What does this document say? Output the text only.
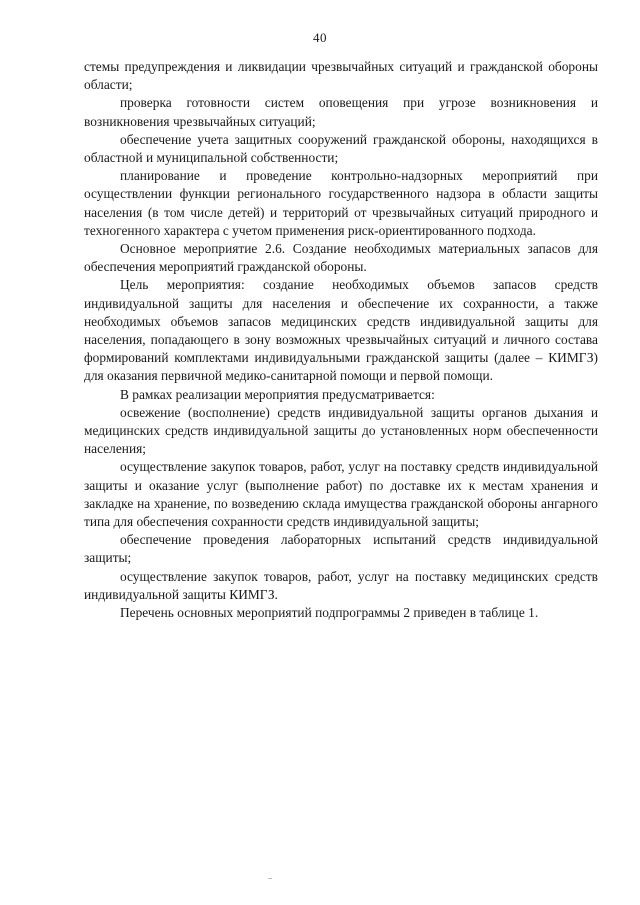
40

стемы предупреждения и ликвидации чрезвычайных ситуаций и гражданской обороны области;

проверка готовности систем оповещения при угрозе возникновения и возникновения чрезвычайных ситуаций;

обеспечение учета защитных сооружений гражданской обороны, находящихся в областной и муниципальной собственности;

планирование и проведение контрольно-надзорных мероприятий при осуществлении функции регионального государственного надзора в области защиты населения (в том числе детей) и территорий от чрезвычайных ситуаций природного и техногенного характера с учетом применения риск-ориентированного подхода.

Основное мероприятие 2.6. Создание необходимых материальных запасов для обеспечения мероприятий гражданской обороны.

Цель мероприятия: создание необходимых объемов запасов средств индивидуальной защиты для населения и обеспечение их сохранности, а также необходимых объемов запасов медицинских средств индивидуальной защиты для населения, попадающего в зону возможных чрезвычайных ситуаций и личного состава формирований комплектами индивидуальными гражданской защиты (далее – КИМГЗ) для оказания первичной медико-санитарной помощи и первой помощи.

В рамках реализации мероприятия предусматривается:

освежение (восполнение) средств индивидуальной защиты органов дыхания и медицинских средств индивидуальной защиты до установленных норм обеспеченности населения;

осуществление закупок товаров, работ, услуг на поставку средств индивидуальной защиты и оказание услуг (выполнение работ) по доставке их к местам хранения и закладке на хранение, по возведению склада имущества гражданской обороны ангарного типа для обеспечения сохранности средств индивидуальной защиты;

обеспечение проведения лабораторных испытаний средств индивидуальной защиты;

осуществление закупок товаров, работ, услуг на поставку медицинских средств индивидуальной защиты КИМГЗ.

Перечень основных мероприятий подпрограммы 2 приведен в таблице 1.
